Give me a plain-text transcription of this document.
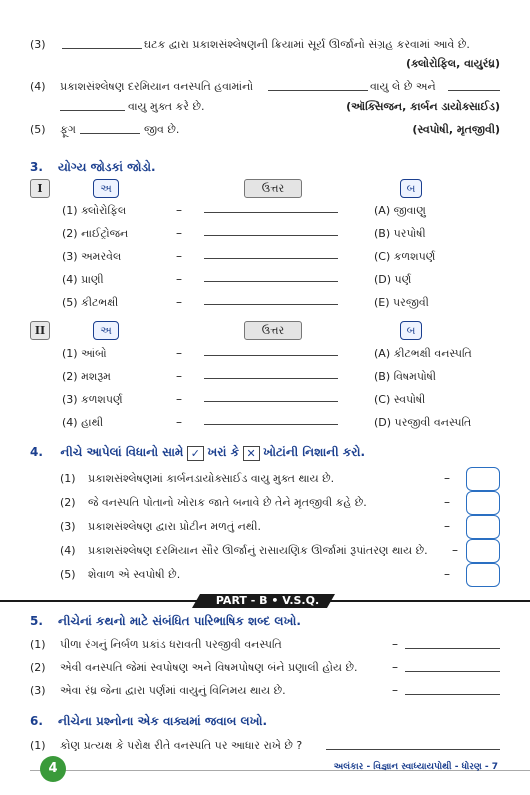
(3)	ઘટક દ્વારા પ્રકાશસંશ્લેષણની ક્રિયામાં સૂર્ય ઊર્જાનો સંગ્રહ કરવામાં આવે છે.
(ક્લોરોફિલ, વાયુરંધ્ર)
(4) પ્રકાશસંશ્લેષણ દરમિયાન વનસ્પતિ હવામાંનો	વાયુ લે છે અને
વાયુ મુક્ત કરે છે.	(ઑક્સિજન, કાર્બન ડાયોક્સાઈડ)
(5) ફૂગ	જીવ છે.	(સ્વપોષી, મૃતજીવી)
3. યોગ્ય જોડકાં જોડો.
I	અ	ઉત્તર	બ
(1) ક્લોરોફિલ	–	(A) જીવાણુ
(2) નાઈટ્રોજન	–	(B) પરપોષી
(3) અમરવેલ	–	(C) કળશપર્ણ
(4) પ્રાણી	–	(D) પર્ણ
(5) કીટભક્ષી	–	(E) પરજીવી
II	અ	ઉત્તર	બ
(1) આંબો	–	(A) કીટભક્ષી વનસ્પતિ
(2) મશરૂમ	–	(B) વિષમપોષી
(3) કળશપર્ણ	–	(C) સ્વપોષી
(4) હાથી	–	(D) પરજીવી વનસ્પતિ
4. નીચે આપેલાં વિધાનો સામે ✓ ખરાં કે ✕ ખોટાંની નિશાની કરો.
(1) પ્રકાશસંશ્લેષણમાં કાર્બનડાયોક્સાઈડ વાયુ મુક્ત થાય છે.	–
(2) જે વનસ્પતિ પોતાનો ખોરાક જાતે બનાવે છે તેને મૃતજીવી કહે છે.	–
(3) પ્રકાશસંશ્લેષણ દ્વારા પ્રોટીન મળતું નથી.	–
(4) પ્રકાશસંશ્લેષણ દરમિયાન સૌર ઊર્જાનું રાસાયણિક ઊર્જામાં રૂપાંતરણ થાય છે. –
(5) શેવાળ એ સ્વપોષી છે.	–
PART - B • V.S.Q.
5. નીચેનાં કથનો માટે સંબંધિત પારિભાષિક શબ્દ લખો.
(1) પીળા રંગનું નિર્બળ પ્રકાંડ ધરાવતી પરજીવી વનસ્પતિ	–
(2) એવી વનસ્પતિ જેમાં સ્વપોષણ અને વિષમપોષણ બંને પ્રણાલી હોય છે.	–
(3) એવા રંધ્ર જેના દ્વારા પર્ણમાં વાયુનું વિનિમય થાય છે.	–
6. નીચેના પ્રશ્નોના એક વાક્યમાં જવાબ લખો.
(1) કોણ પ્રત્યક્ષ કે પરોક્ષ રીતે વનસ્પતિ પર આધાર રાખે છે ?
4	અલંકાર - વિજ્ઞાન સ્વાધ્યાયપોથી - ધોરણ - 7
